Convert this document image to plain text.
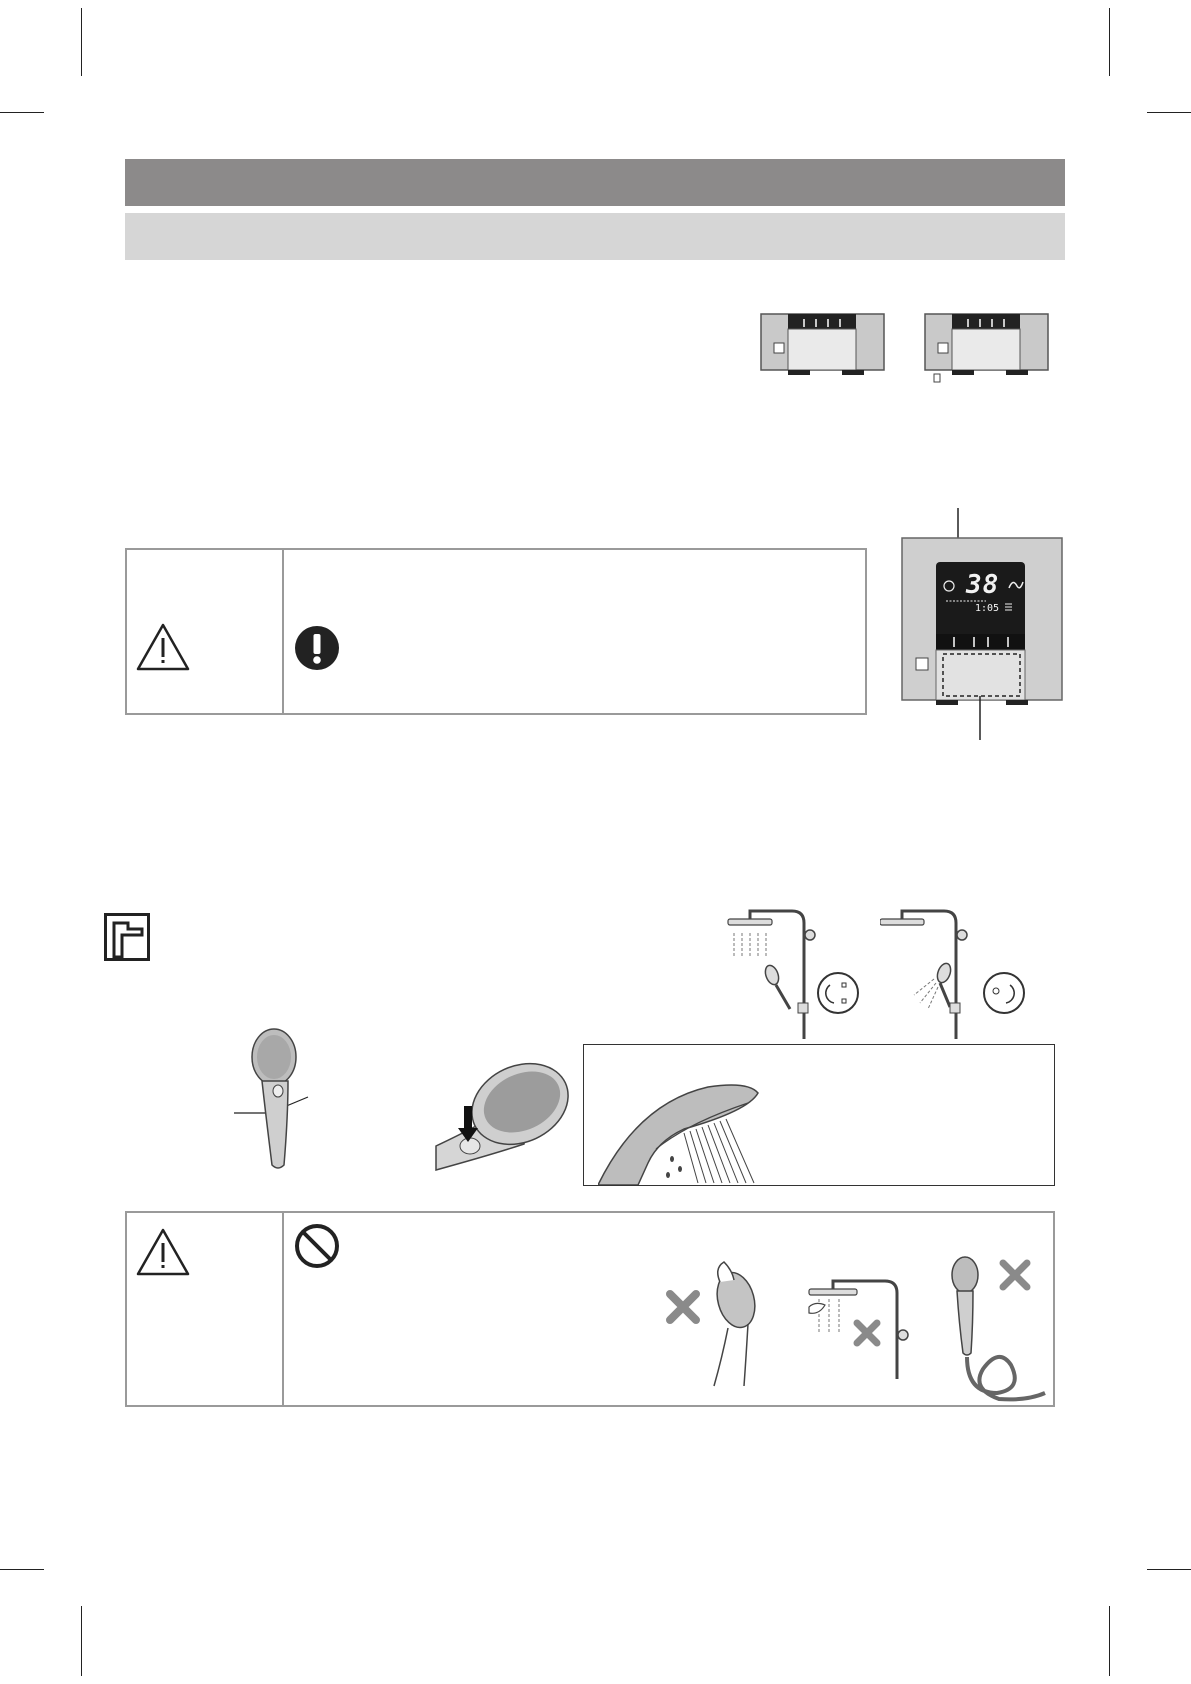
38
1:05
